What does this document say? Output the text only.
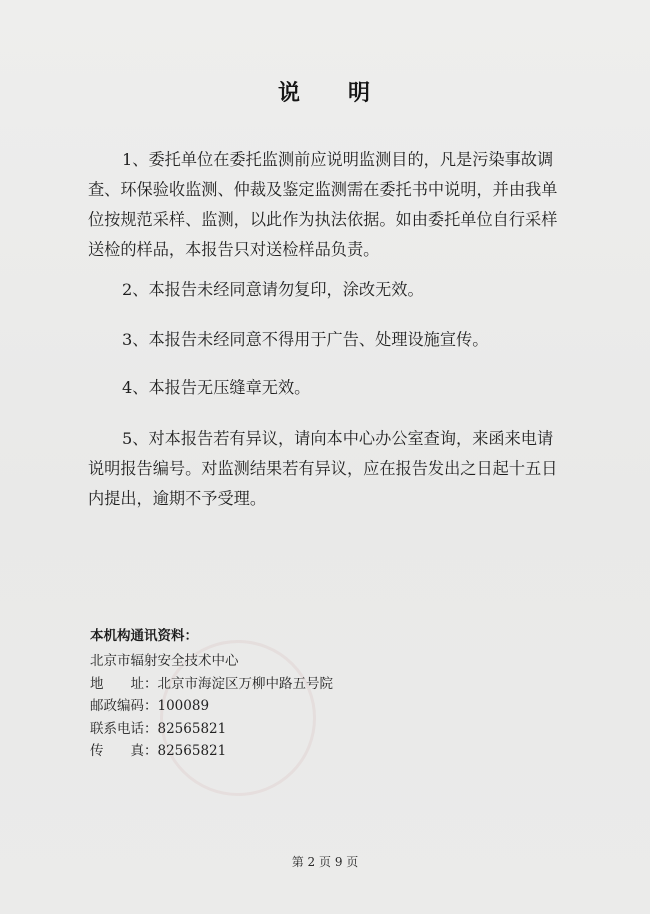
说 明

1、委托单位在委托监测前应说明监测目的，凡是污染事故调查、环保验收监测、仲裁及鉴定监测需在委托书中说明，并由我单位按规范采样、监测，以此作为执法依据。如由委托单位自行采样送检的样品，本报告只对送检样品负责。

2、本报告未经同意请勿复印，涂改无效。

3、本报告未经同意不得用于广告、处理设施宣传。

4、本报告无压缝章无效。

5、对本报告若有异议，请向本中心办公室查询，来函来电请说明报告编号。对监测结果若有异议，应在报告发出之日起十五日内提出，逾期不予受理。

本机构通讯资料：
北京市辐射安全技术中心
地　　址：北京市海淀区万柳中路五号院
邮政编码：100089
联系电话：82565821
传　　真：82565821
第 2 页 9 页
